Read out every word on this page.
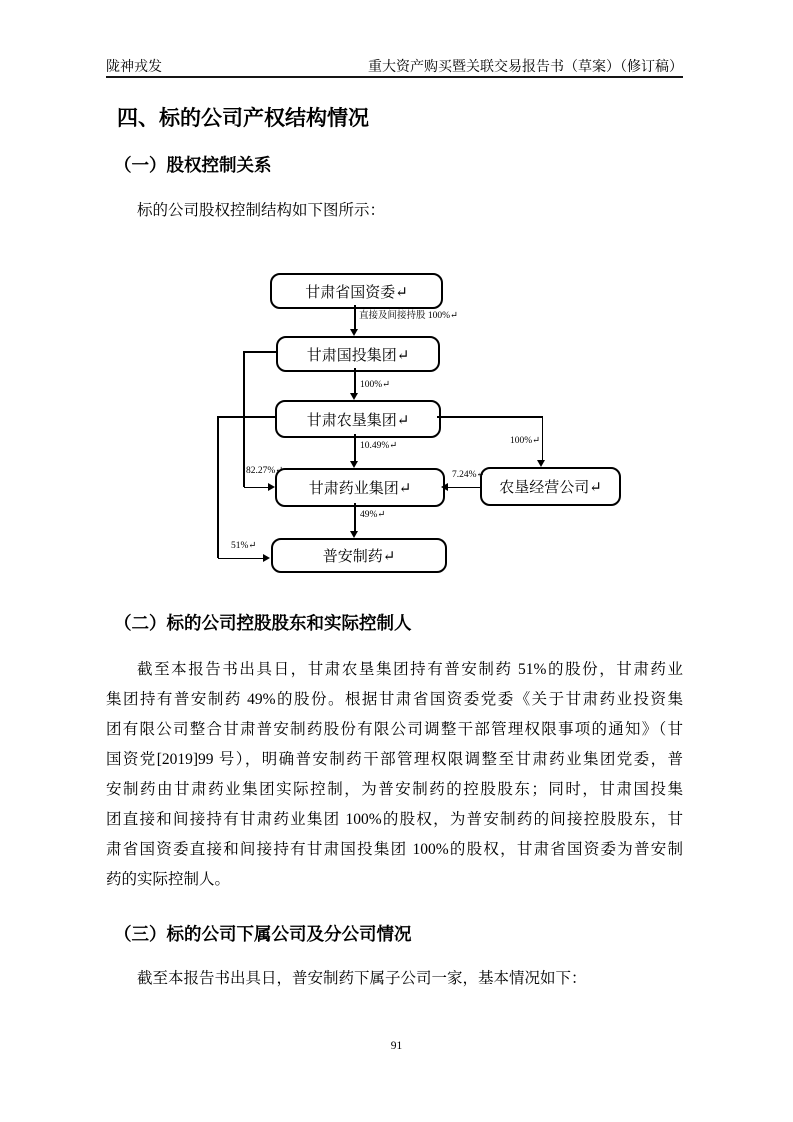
陇神戎发	重大资产购买暨关联交易报告书（草案）（修订稿）
四、标的公司产权结构情况
（一）股权控制关系
标的公司股权控制结构如下图所示：
甘肃省国资委↵
甘肃国投集团↵
甘肃农垦集团↵
甘肃药业集团↵	农垦经营公司↵
普安制药↵
直接及间接持股 100%↵
100%↵
10.49%↵
49%↵
100%↵
7.24%↵
82.27%↵
51%↵
（二）标的公司控股股东和实际控制人
截至本报告书出具日，甘肃农垦集团持有普安制药 51%的股份，甘肃药业
集团持有普安制药 49%的股份。根据甘肃省国资委党委《关于甘肃药业投资集
团有限公司整合甘肃普安制药股份有限公司调整干部管理权限事项的通知》（甘
国资党[2019]99 号），明确普安制药干部管理权限调整至甘肃药业集团党委，普
安制药由甘肃药业集团实际控制，为普安制药的控股股东；同时，甘肃国投集
团直接和间接持有甘肃药业集团 100%的股权，为普安制药的间接控股股东，甘
肃省国资委直接和间接持有甘肃国投集团 100%的股权，甘肃省国资委为普安制
药的实际控制人。
（三）标的公司下属公司及分公司情况
截至本报告书出具日，普安制药下属子公司一家，基本情况如下：
91
